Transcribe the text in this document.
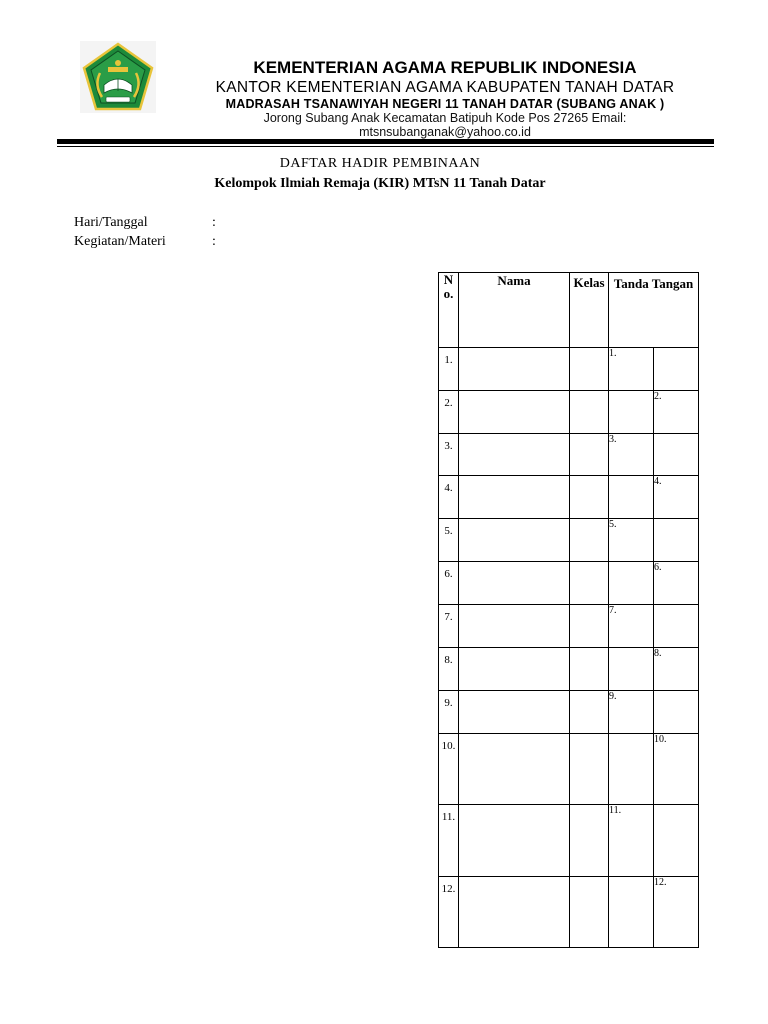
KEMENTERIAN AGAMA REPUBLIK INDONESIA
KANTOR KEMENTERIAN AGAMA KABUPATEN TANAH DATAR
MADRASAH TSANAWIYAH NEGERI 11 TANAH DATAR (SUBANG ANAK )
Jorong Subang Anak Kecamatan Batipuh Kode Pos 27265 Email:
mtsnsubanganak@yahoo.co.id
DAFTAR HADIR PEMBINAAN
Kelompok Ilmiah Remaja (KIR) MTsN 11 Tanah Datar
Hari/Tanggal	:
Kegiatan/Materi	:
No.	Nama	Kelas	Tanda Tangan	
1.			1.	
2.				2.
3.			3.	
4.				4.
5.			5.	
6.				6.
7.			7.	
8.				8.
9.			9.	
10.				10.
11.			11.	
12.				12.
